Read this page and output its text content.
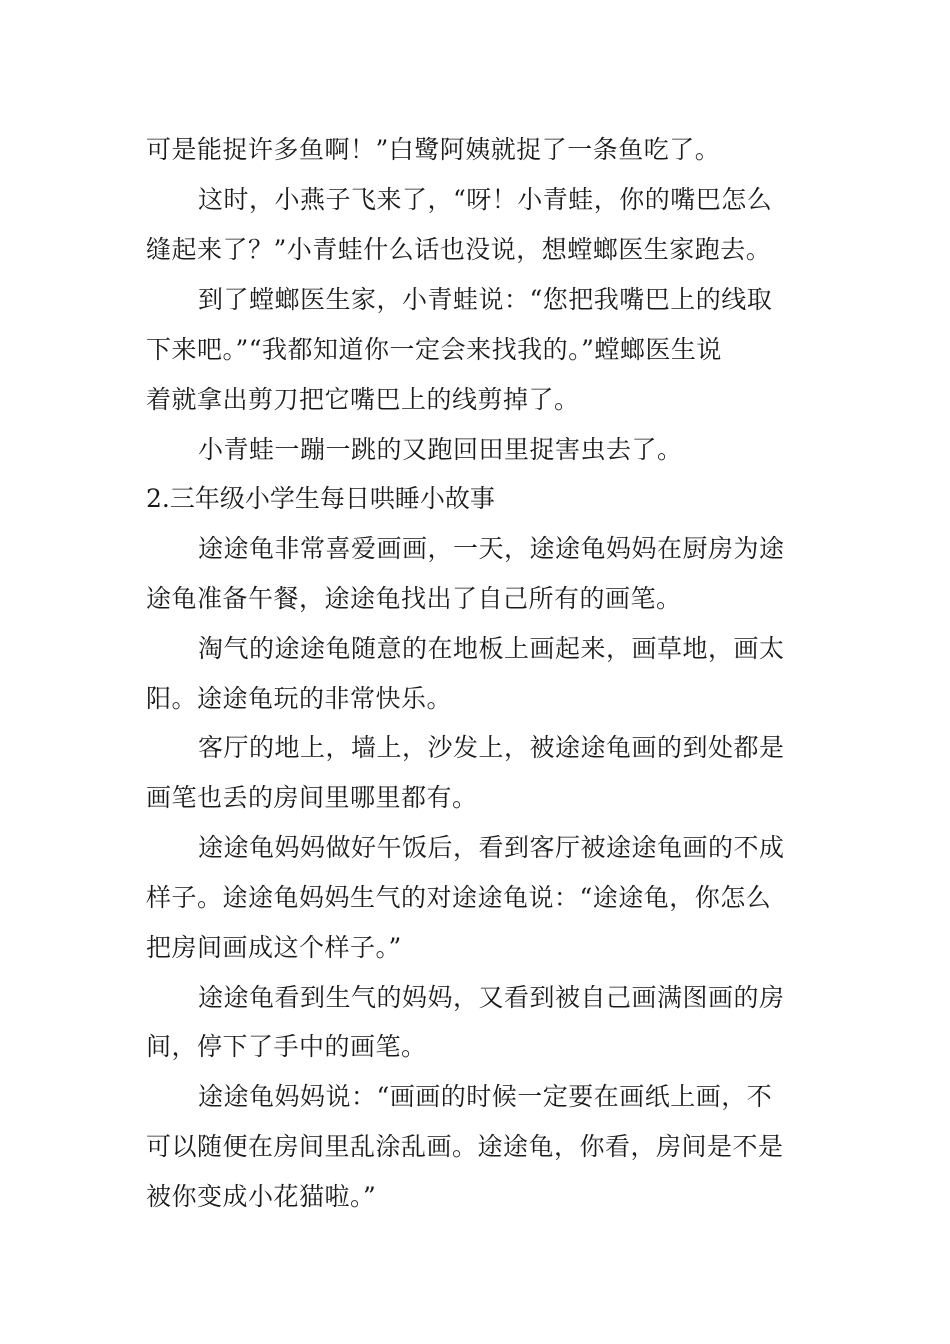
可是能捉许多鱼啊！”白鹭阿姨就捉了一条鱼吃了。
这时，小燕子飞来了，“呀！小青蛙，你的嘴巴怎么
缝起来了？”小青蛙什么话也没说，想螳螂医生家跑去。
到了螳螂医生家，小青蛙说：“您把我嘴巴上的线取
下来吧。”“我都知道你一定会来找我的。”螳螂医生说
着就拿出剪刀把它嘴巴上的线剪掉了。
小青蛙一蹦一跳的又跑回田里捉害虫去了。
2.三年级小学生每日哄睡小故事
途途龟非常喜爱画画，一天，途途龟妈妈在厨房为途
途龟准备午餐，途途龟找出了自己所有的画笔。
淘气的途途龟随意的在地板上画起来，画草地，画太
阳。途途龟玩的非常快乐。
客厅的地上，墙上，沙发上，被途途龟画的到处都是
画笔也丢的房间里哪里都有。
途途龟妈妈做好午饭后，看到客厅被途途龟画的不成
样子。途途龟妈妈生气的对途途龟说：“途途龟，你怎么
把房间画成这个样子。”
途途龟看到生气的妈妈，又看到被自己画满图画的房
间，停下了手中的画笔。
途途龟妈妈说：“画画的时候一定要在画纸上画，不
可以随便在房间里乱涂乱画。途途龟，你看，房间是不是
被你变成小花猫啦。”
